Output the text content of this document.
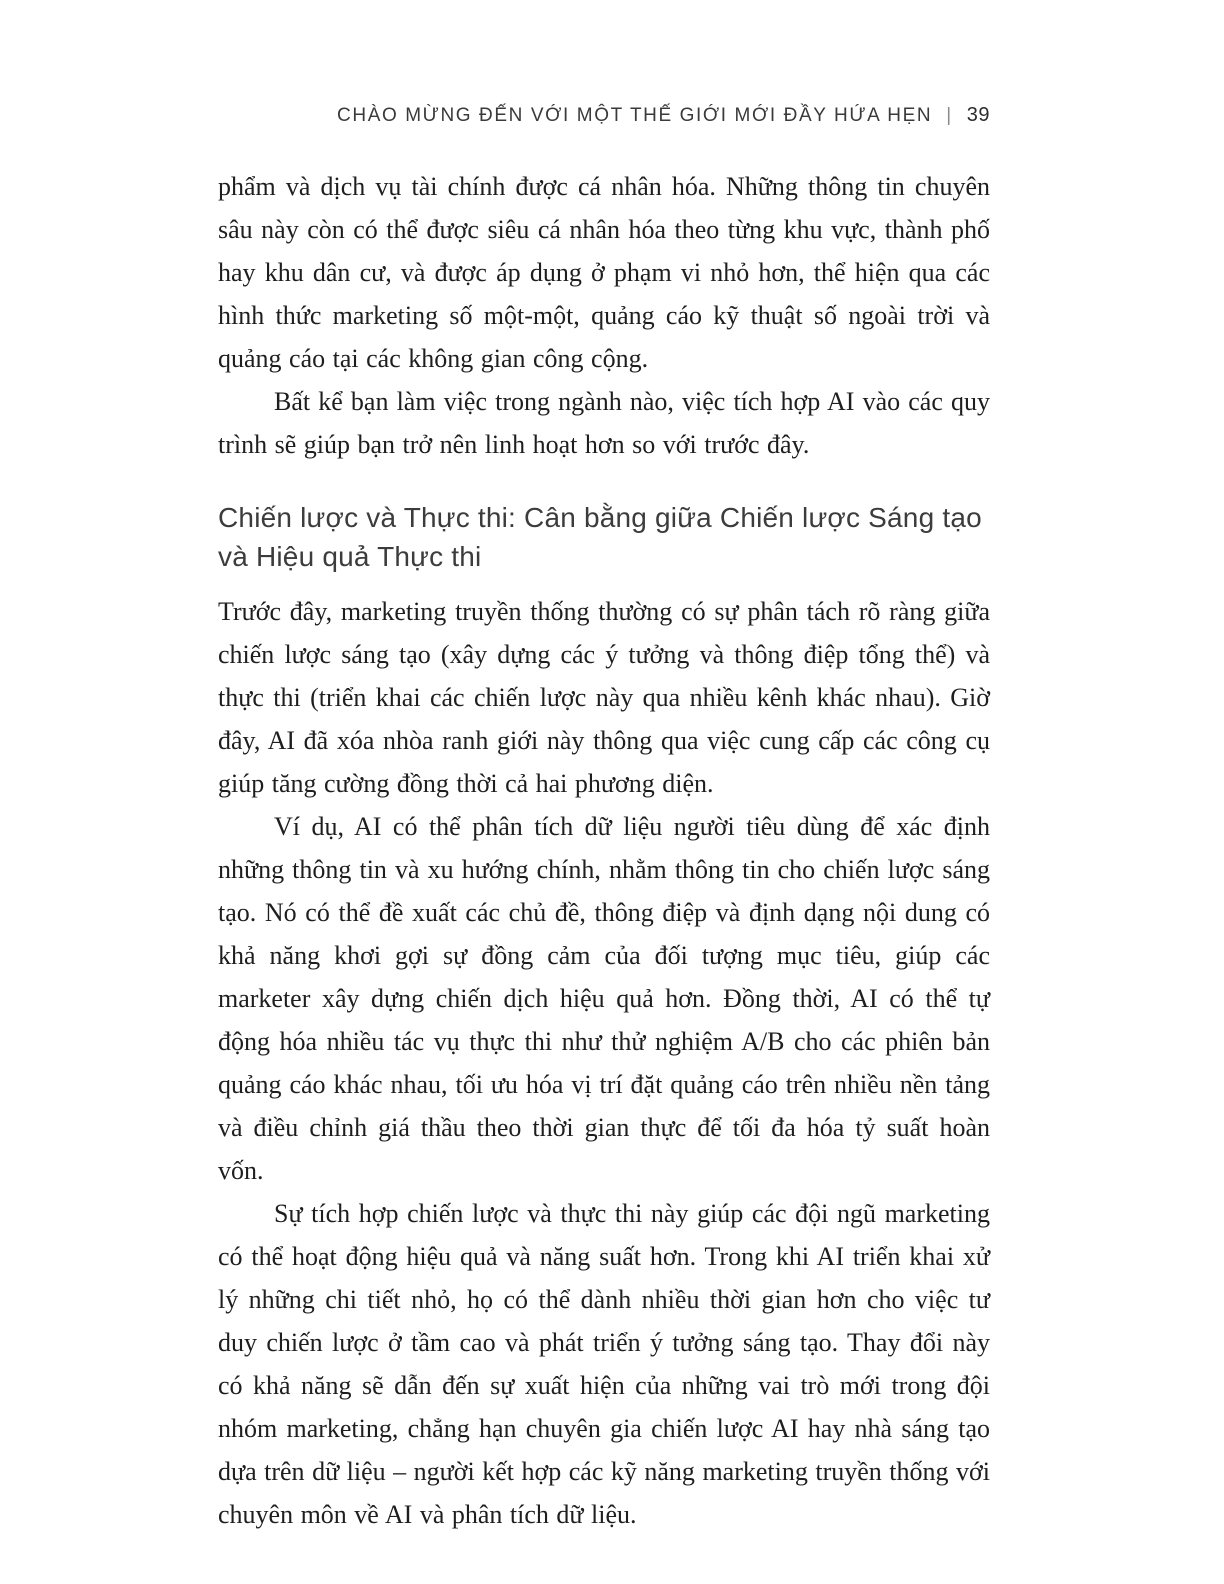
CHÀO MỪNG ĐẾN VỚI MỘT THẾ GIỚI MỚI ĐẦY HỨA HẸN | 39

phẩm và dịch vụ tài chính được cá nhân hóa. Những thông tin chuyên sâu này còn có thể được siêu cá nhân hóa theo từng khu vực, thành phố hay khu dân cư, và được áp dụng ở phạm vi nhỏ hơn, thể hiện qua các hình thức marketing số một-một, quảng cáo kỹ thuật số ngoài trời và quảng cáo tại các không gian công cộng.

Bất kể bạn làm việc trong ngành nào, việc tích hợp AI vào các quy trình sẽ giúp bạn trở nên linh hoạt hơn so với trước đây.

Chiến lược và Thực thi: Cân bằng giữa Chiến lược Sáng tạo và Hiệu quả Thực thi

Trước đây, marketing truyền thống thường có sự phân tách rõ ràng giữa chiến lược sáng tạo (xây dựng các ý tưởng và thông điệp tổng thể) và thực thi (triển khai các chiến lược này qua nhiều kênh khác nhau). Giờ đây, AI đã xóa nhòa ranh giới này thông qua việc cung cấp các công cụ giúp tăng cường đồng thời cả hai phương diện.

Ví dụ, AI có thể phân tích dữ liệu người tiêu dùng để xác định những thông tin và xu hướng chính, nhằm thông tin cho chiến lược sáng tạo. Nó có thể đề xuất các chủ đề, thông điệp và định dạng nội dung có khả năng khơi gợi sự đồng cảm của đối tượng mục tiêu, giúp các marketer xây dựng chiến dịch hiệu quả hơn. Đồng thời, AI có thể tự động hóa nhiều tác vụ thực thi như thử nghiệm A/B cho các phiên bản quảng cáo khác nhau, tối ưu hóa vị trí đặt quảng cáo trên nhiều nền tảng và điều chỉnh giá thầu theo thời gian thực để tối đa hóa tỷ suất hoàn vốn.

Sự tích hợp chiến lược và thực thi này giúp các đội ngũ marketing có thể hoạt động hiệu quả và năng suất hơn. Trong khi AI triển khai xử lý những chi tiết nhỏ, họ có thể dành nhiều thời gian hơn cho việc tư duy chiến lược ở tầm cao và phát triển ý tưởng sáng tạo. Thay đổi này có khả năng sẽ dẫn đến sự xuất hiện của những vai trò mới trong đội nhóm marketing, chẳng hạn chuyên gia chiến lược AI hay nhà sáng tạo dựa trên dữ liệu – người kết hợp các kỹ năng marketing truyền thống với chuyên môn về AI và phân tích dữ liệu.
